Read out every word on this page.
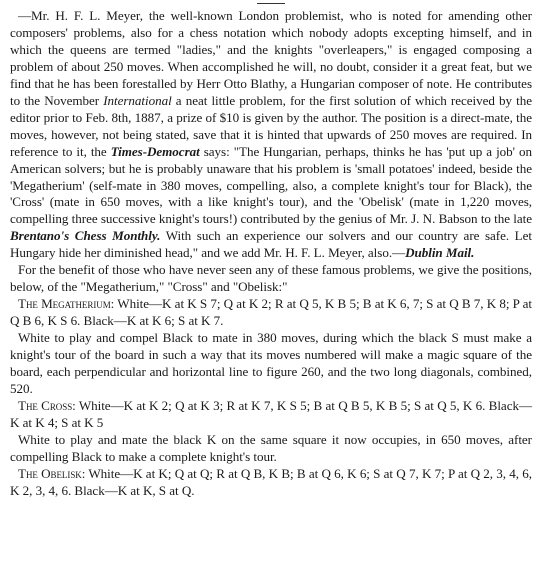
—Mr. H. F. L. Meyer, the well-known London problemist, who is noted for amending other composers' problems, also for a chess notation which nobody adopts excepting himself, and in which the queens are termed "ladies," and the knights "overleapers," is engaged composing a problem of about 250 moves. When accomplished he will, no doubt, consider it a great feat, but we find that he has been forestalled by Herr Otto Blathy, a Hungarian composer of note. He contributes to the November International a neat little problem, for the first solution of which received by the editor prior to Feb. 8th, 1887, a prize of $10 is given by the author. The position is a direct-mate, the moves, however, not being stated, save that it is hinted that upwards of 250 moves are required. In reference to it, the Times-Democrat says: "The Hungarian, perhaps, thinks he has 'put up a job' on American solvers; but he is probably unaware that his problem is 'small potatoes' indeed, beside the 'Megatherium' (self-mate in 380 moves, compelling, also, a complete knight's tour for Black), the 'Cross' (mate in 650 moves, with a like knight's tour), and the 'Obelisk' (mate in 1,220 moves, compelling three successive knight's tours!) contributed by the genius of Mr. J. N. Babson to the late Brentano's Chess Monthly. With such an experience our solvers and our country are safe. Let Hungary hide her diminished head," and we add Mr. H. F. L. Meyer, also.—Dublin Mail.

For the benefit of those who have never seen any of these famous problems, we give the positions, below, of the "Megatherium," "Cross" and "Obelisk:"

The Megatherium: White—K at K S 7; Q at K 2; R at Q 5, K B 5; B at K 6, 7; S at Q B 7, K 8; P at Q B 6, K S 6. Black—K at K 6; S at K 7.

White to play and compel Black to mate in 380 moves, during which the black S must make a knight's tour of the board in such a way that its moves numbered will make a magic square of the board, each perpendicular and horizontal line to figure 260, and the two long diagonals, combined, 520.

The Cross: White—K at K 2; Q at K 3; R at K 7, K S 5; B at Q B 5, K B 5; S at Q 5, K 6. Black—K at K 4; S at K 5

White to play and mate the black K on the same square it now occupies, in 650 moves, after compelling Black to make a complete knight's tour.

The Obelisk: White—K at K; Q at Q; R at Q B, K B; B at Q 6, K 6; S at Q 7, K 7; P at Q 2, 3, 4, 6, K 2, 3, 4, 6. Black—K at K, S at Q.
